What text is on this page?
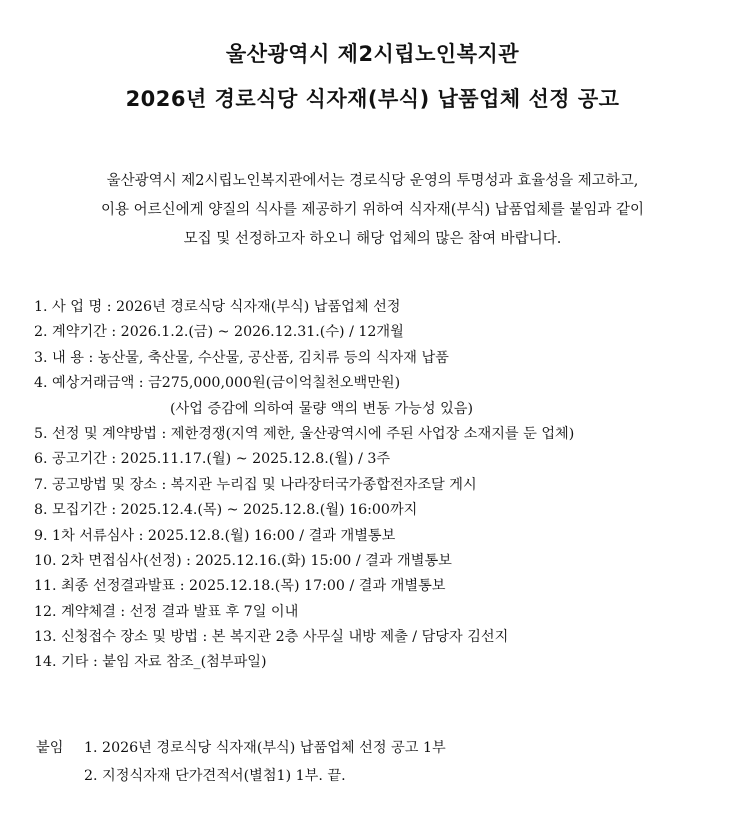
울산광역시 제2시립노인복지관
2026년 경로식당 식자재(부식) 납품업체 선정 공고
울산광역시 제2시립노인복지관에서는 경로식당 운영의 투명성과 효율성을 제고하고,
이용 어르신에게 양질의 식사를 제공하기 위하여 식자재(부식) 납품업체를 붙임과 같이
모집 및 선정하고자 하오니 해당 업체의 많은 참여 바랍니다.
1. 사 업 명 : 2026년 경로식당 식자재(부식) 납품업체 선정
2. 계약기간 : 2026.1.2.(금) ~ 2026.12.31.(수) / 12개월
3. 내 용 : 농산물, 축산물, 수산물, 공산품, 김치류 등의 식자재 납품
4. 예상거래금액 : 금275,000,000원(금이억칠천오백만원)
(사업 증감에 의하여 물량 액의 변동 가능성 있음)
5. 선정 및 계약방법 : 제한경쟁(지역 제한, 울산광역시에 주된 사업장 소재지를 둔 업체)
6. 공고기간 : 2025.11.17.(월) ~ 2025.12.8.(월) / 3주
7. 공고방법 및 장소 : 복지관 누리집 및 나라장터국가종합전자조달 게시
8. 모집기간 : 2025.12.4.(목) ~ 2025.12.8.(월) 16:00까지
9. 1차 서류심사 : 2025.12.8.(월) 16:00 / 결과 개별통보
10. 2차 면접심사(선정) : 2025.12.16.(화) 15:00 / 결과 개별통보
11. 최종 선정결과발표 : 2025.12.18.(목) 17:00 / 결과 개별통보
12. 계약체결 : 선정 결과 발표 후 7일 이내
13. 신청접수 장소 및 방법 : 본 복지관 2층 사무실 내방 제출 / 담당자 김선지
14. 기타 : 붙임 자료 참조_(첨부파일)
붙임 1. 2026년 경로식당 식자재(부식) 납품업체 선정 공고 1부
2. 지정식자재 단가견적서(별첨1) 1부. 끝.
